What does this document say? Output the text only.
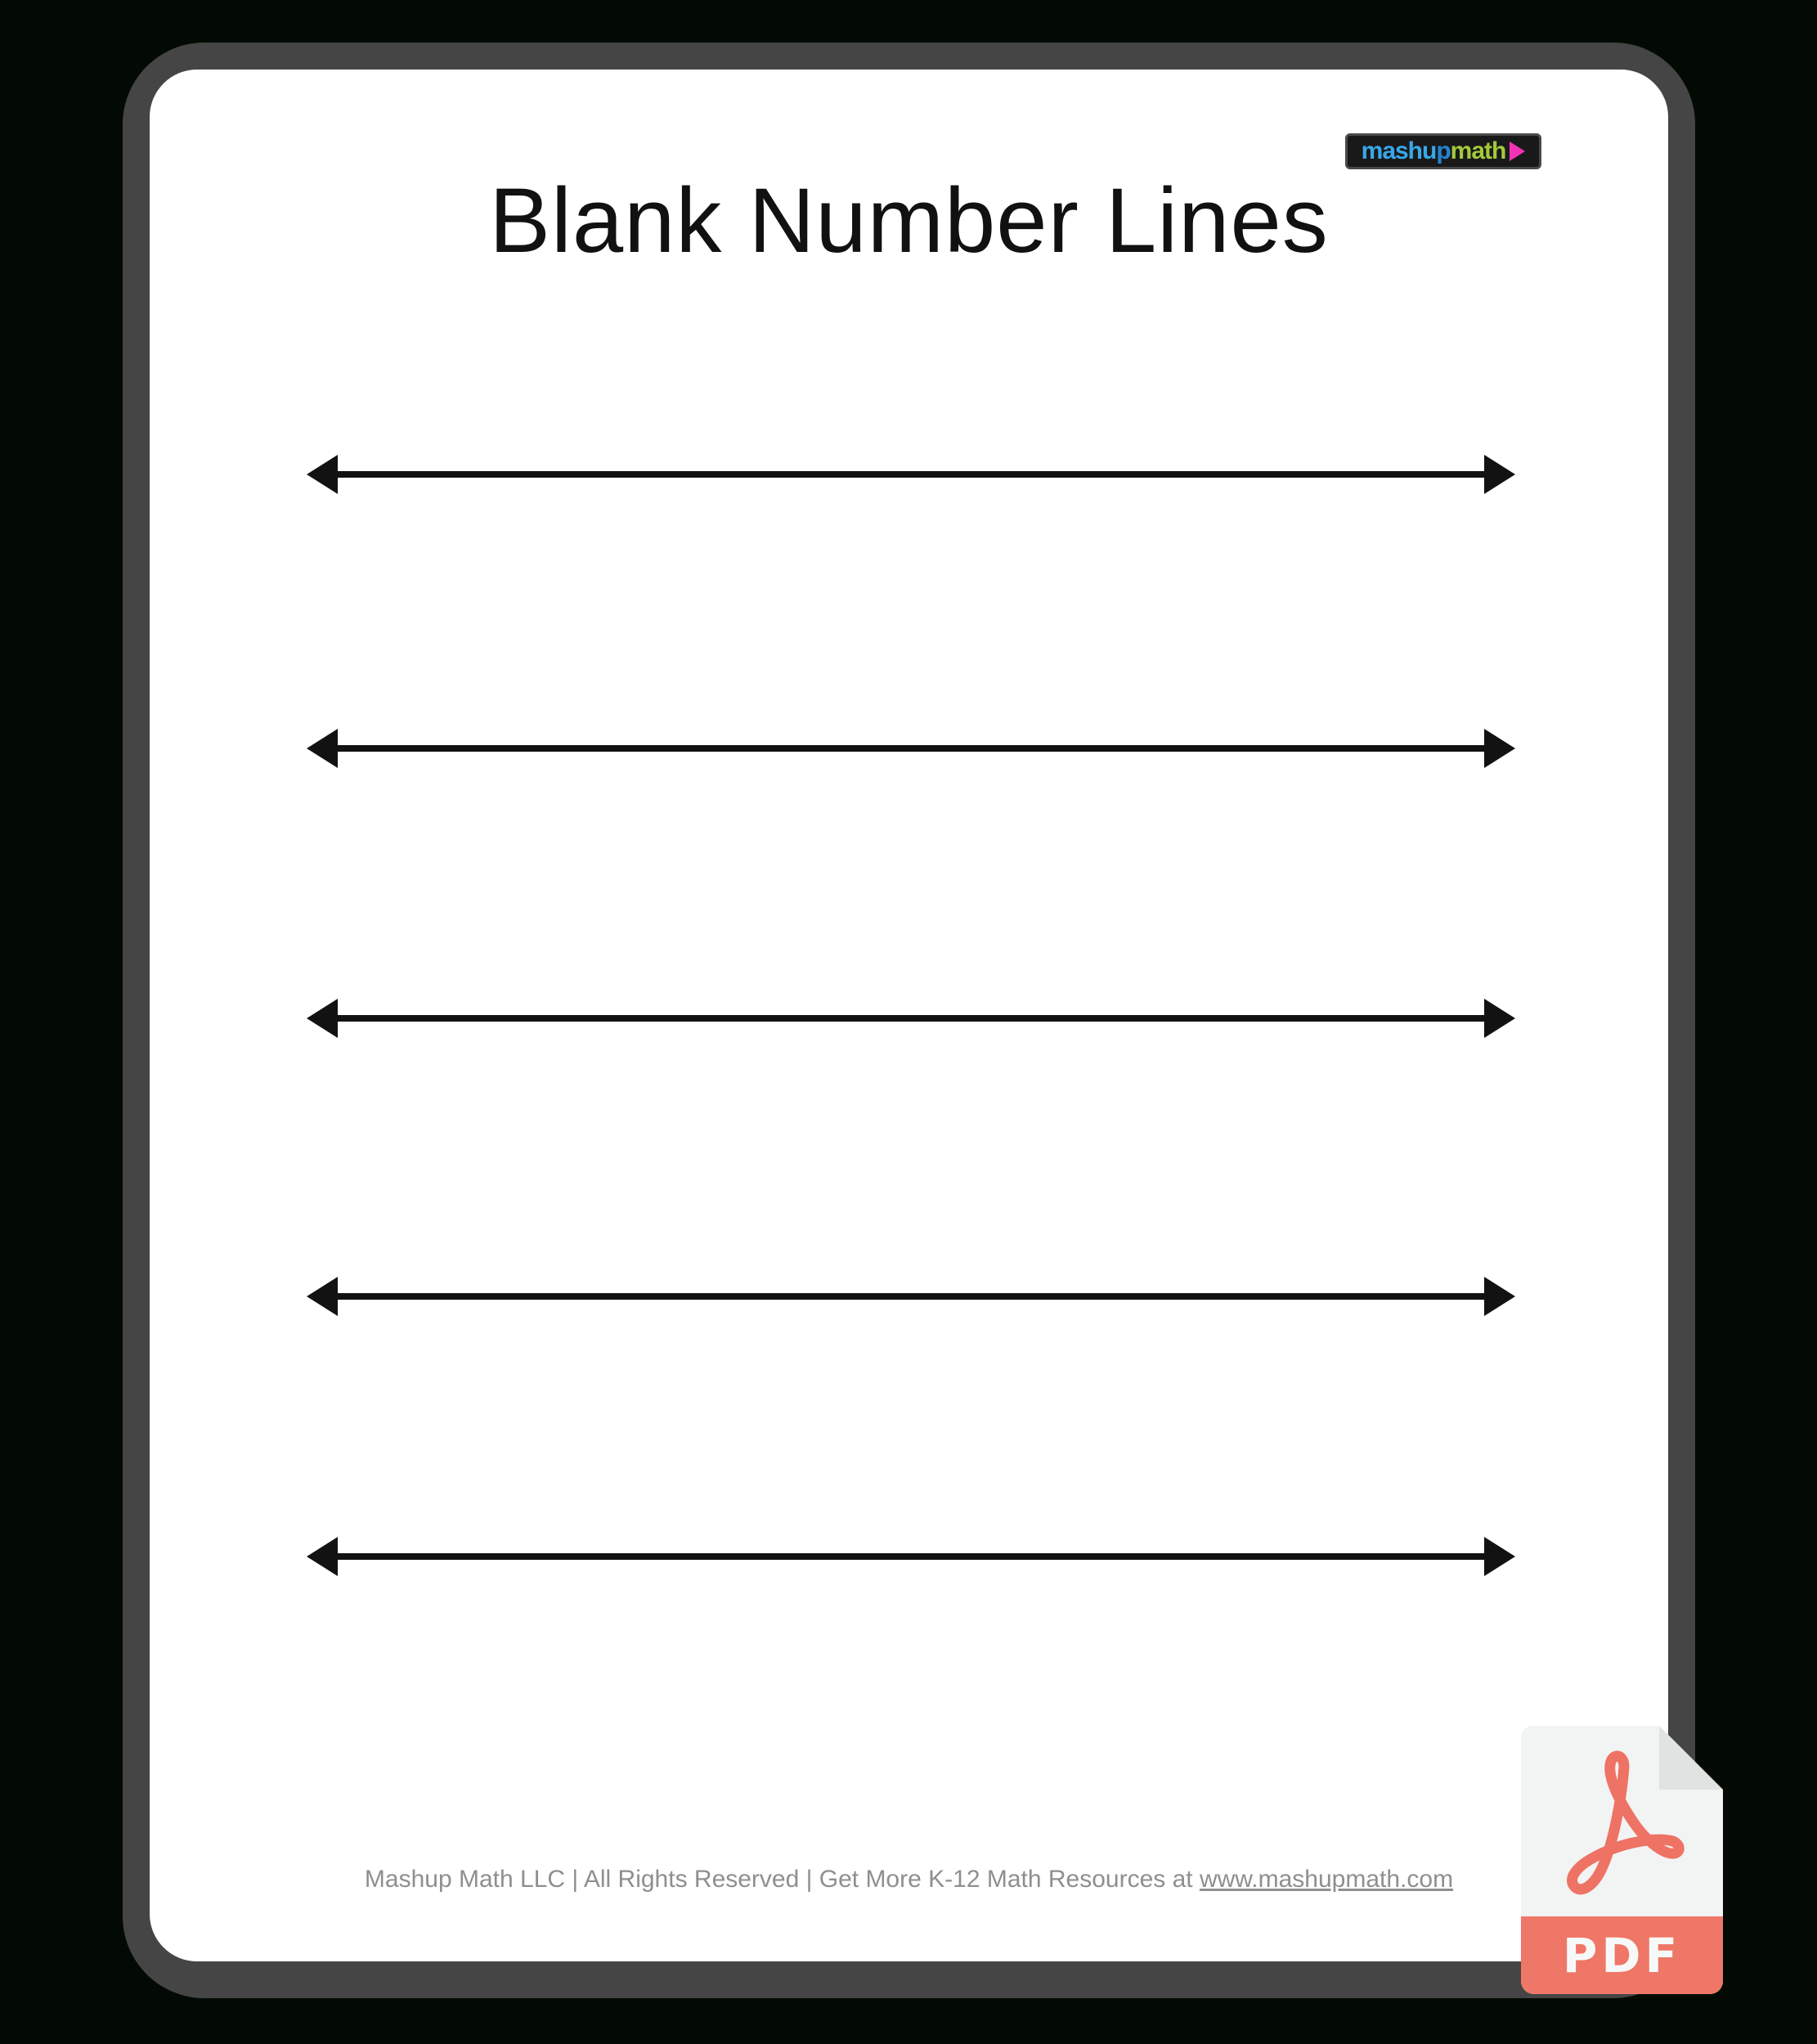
mashu p math
Blank Number Lines
Mashup Math LLC | All Rights Reserved | Get More K-12 Math Resources at www.mashupmath.com
PDF
